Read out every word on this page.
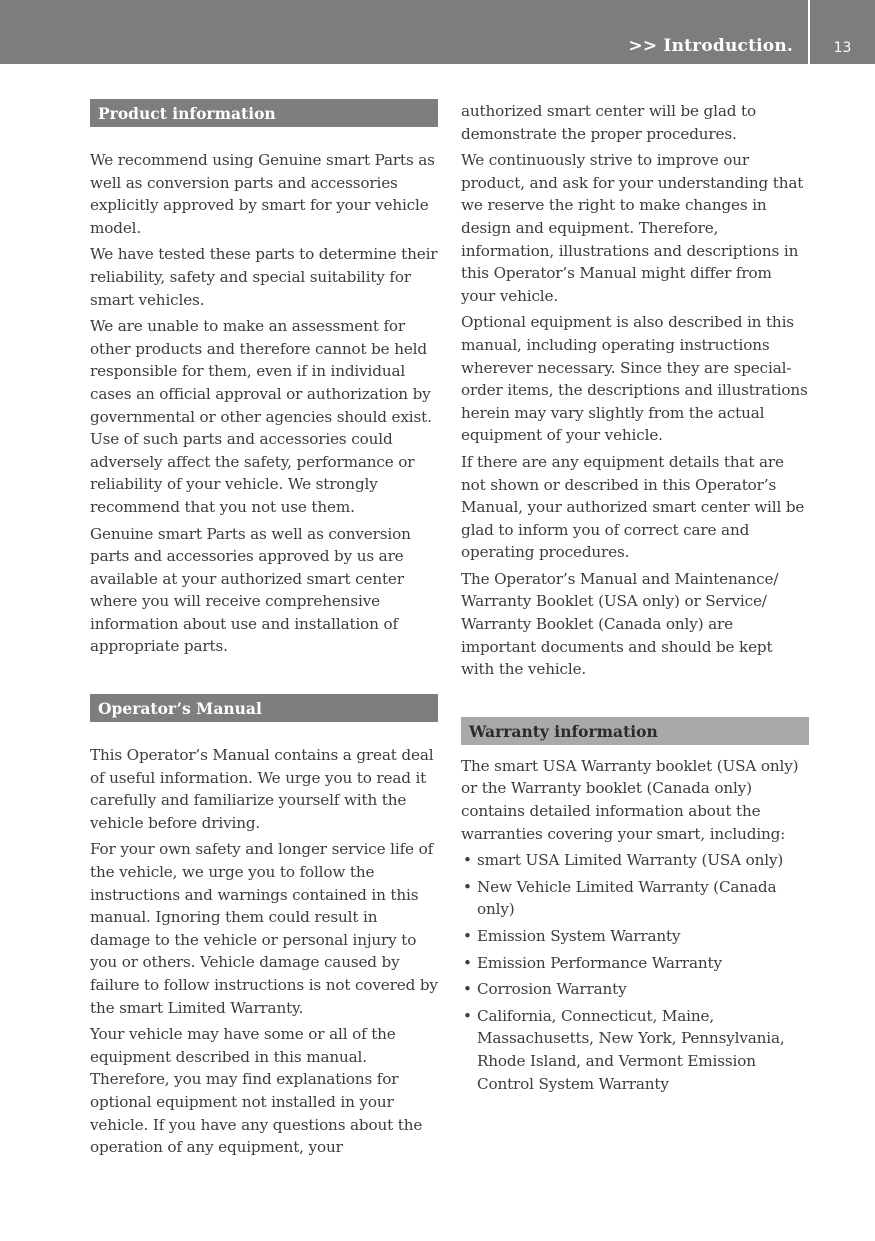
>> Introduction.	13
Product information

We recommend using Genuine smart Parts as well as conversion parts and accessories explicitly approved by smart for your vehicle model.

We have tested these parts to determine their reliability, safety and special suitability for smart vehicles.

We are unable to make an assessment for other products and therefore cannot be held responsible for them, even if in individual cases an official approval or authorization by governmental or other agencies should exist. Use of such parts and accessories could adversely affect the safety, performance or reliability of your vehicle. We strongly recommend that you not use them.

Genuine smart Parts as well as conversion parts and accessories approved by us are available at your authorized smart center where you will receive comprehensive information about use and installation of appropriate parts.

Operator’s Manual

This Operator’s Manual contains a great deal of useful information. We urge you to read it carefully and familiarize yourself with the vehicle before driving.

For your own safety and longer service life of the vehicle, we urge you to follow the instructions and warnings contained in this manual. Ignoring them could result in damage to the vehicle or personal injury to you or others. Vehicle damage caused by failure to follow instructions is not covered by the smart Limited Warranty.

Your vehicle may have some or all of the equipment described in this manual. Therefore, you may find explanations for optional equipment not installed in your vehicle. If you have any questions about the operation of any equipment, your

authorized smart center will be glad to demonstrate the proper procedures.

We continuously strive to improve our product, and ask for your understanding that we reserve the right to make changes in design and equipment. Therefore, information, illustrations and descriptions in this Operator’s Manual might differ from your vehicle.

Optional equipment is also described in this manual, including operating instructions wherever necessary. Since they are special-order items, the descriptions and illustrations herein may vary slightly from the actual equipment of your vehicle.

If there are any equipment details that are not shown or described in this Operator’s Manual, your authorized smart center will be glad to inform you of correct care and operating procedures.

The Operator’s Manual and Maintenance/ Warranty Booklet (USA only) or Service/ Warranty Booklet (Canada only) are important documents and should be kept with the vehicle.

Warranty information

The smart USA Warranty booklet (USA only) or the Warranty booklet (Canada only) contains detailed information about the warranties covering your smart, including:

• smart USA Limited Warranty (USA only)
• New Vehicle Limited Warranty (Canada only)
• Emission System Warranty
• Emission Performance Warranty
• Corrosion Warranty
• California, Connecticut, Maine, Massachusetts, New York, Pennsylvania, Rhode Island, and Vermont Emission Control System Warranty
